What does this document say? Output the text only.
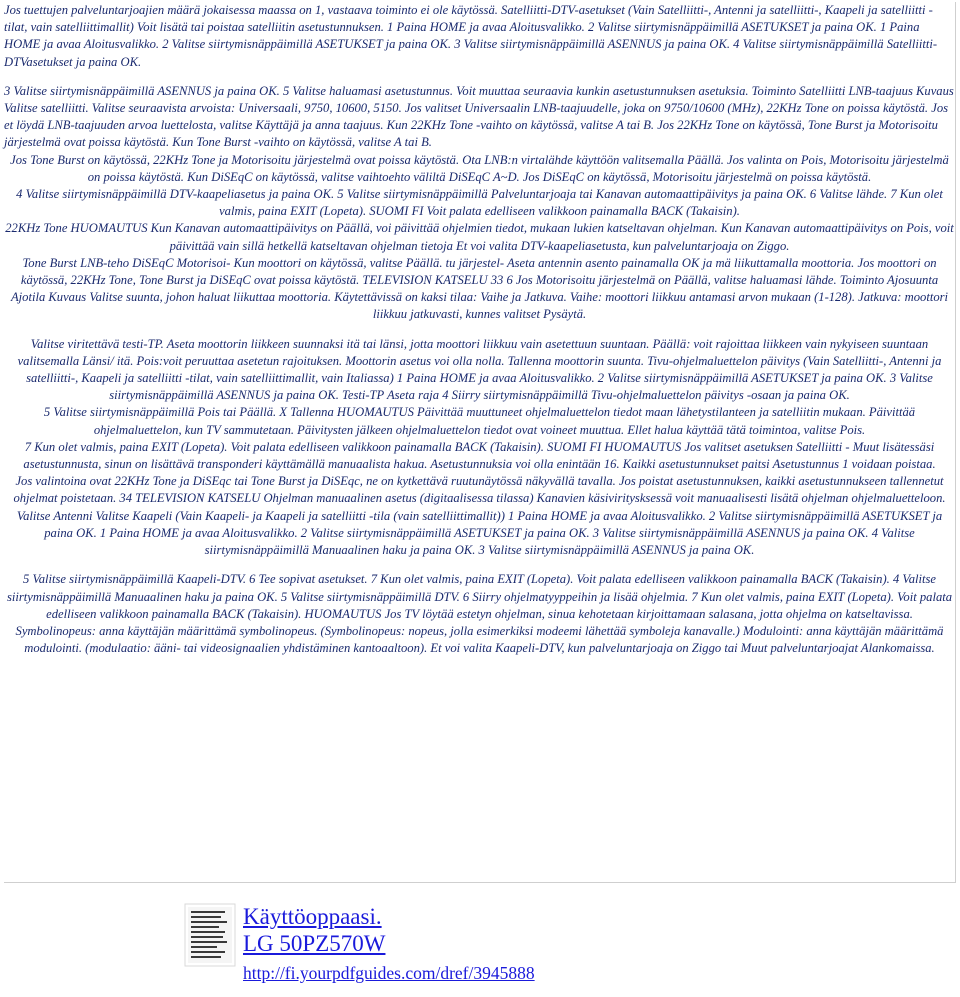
Jos tuettujen palveluntarjoajien määrä jokaisessa maassa on 1, vastaava toiminto ei ole käytössä. Satelliitti-DTV-asetukset (Vain Satelliitti-, Antenni ja satelliitti-, Kaapeli ja satelliitti -tilat, vain satelliittimallit) Voit lisätä tai poistaa satelliitin asetustunnuksen. 1 Paina HOME ja avaa Aloitusvalikko. 2 Valitse siirtymisnäppäimillä ASETUKSET ja paina OK. 1 Paina HOME ja avaa Aloitusvalikko. 2 Valitse siirtymisnäppäimillä ASETUKSET ja paina OK. 3 Valitse siirtymisnäppäimillä ASENNUS ja paina OK. 4 Valitse siirtymisnäppäimillä Satelliitti-DTVasetukset ja paina OK.

3 Valitse siirtymisnäppäimillä ASENNUS ja paina OK. 5 Valitse haluamasi asetustunnus. Voit muuttaa seuraavia kunkin asetustunnuksen asetuksia. Toiminto Satelliitti LNB-taajuus Kuvaus Valitse satelliitti. Valitse seuraavista arvoista: Universaali, 9750, 10600, 5150. Jos valitset Universaalin LNB-taajuudelle, joka on 9750/10600 (MHz), 22KHz Tone on poissa käytöstä. Jos et löydä LNB-taajuuden arvoa luettelosta, valitse Käyttäjä ja anna taajuus. Kun 22KHz Tone -vaihto on käytössä, valitse A tai B. Jos 22KHz Tone on käytössä, Tone Burst ja Motorisoitu järjestelmä ovat poissa käytöstä. Kun Tone Burst -vaihto on käytössä, valitse A tai B.

Jos Tone Burst on käytössä, 22KHz Tone ja Motorisoitu järjestelmä ovat poissa käytöstä. Ota LNB:n virtalähde käyttöön valitsemalla Päällä. Jos valinta on Pois, Motorisoitu järjestelmä on poissa käytöstä. Kun DiSEqC on käytössä, valitse vaihtoehto väliltä DiSEqC A~D. Jos DiSEqC on käytössä, Motorisoitu järjestelmä on poissa käytöstä.

4 Valitse siirtymisnäppäimillä DTV-kaapeliasetus ja paina OK. 5 Valitse siirtymisnäppäimillä Palveluntarjoaja tai Kanavan automaattipäivitys ja paina OK. 6 Valitse lähde. 7 Kun olet valmis, paina EXIT (Lopeta). SUOMI FI Voit palata edelliseen valikkoon painamalla BACK (Takaisin).

22KHz Tone HUOMAUTUS Kun Kanavan automaattipäivitys on Päällä, voi päivittää ohjelmien tiedot, mukaan lukien katseltavan ohjelman. Kun Kanavan automaattipäivitys on Pois, voit päivittää vain sillä hetkellä katseltavan ohjelman tietoja Et voi valita DTV-kaapeliasetusta, kun palveluntarjoaja on Ziggo.

Tone Burst LNB-teho DiSEqC Motorisoi- Kun moottori on käytössä, valitse Päällä. tu järjestel- Aseta antennin asento painamalla OK ja mä liikuttamalla moottoria. Jos moottori on käytössä, 22KHz Tone, Tone Burst ja DiSEqC ovat poissa käytöstä. TELEVISION KATSELU 33 6 Jos Motorisoitu järjestelmä on Päällä, valitse haluamasi lähde. Toiminto Ajosuunta Ajotila Kuvaus Valitse suunta, johon haluat liikuttaa moottoria. Käytettävissä on kaksi tilaa: Vaihe ja Jatkuva. Vaihe: moottori liikkuu antamasi arvon mukaan (1-128). Jatkuva: moottori liikkuu jatkuvasti, kunnes valitset Pysäytä.

Valitse viritettävä testi-TP. Aseta moottorin liikkeen suunnaksi itä tai länsi, jotta moottori liikkuu vain asetettuun suuntaan. Päällä: voit rajoittaa liikkeen vain nykyiseen suuntaan valitsemalla Länsi/ itä. Pois:voit peruuttaa asetetun rajoituksen. Moottorin asetus voi olla nolla. Tallenna moottorin suunta. Tivu-ohjelmaluettelon päivitys (Vain Satelliitti-, Antenni ja satelliitti-, Kaapeli ja satelliitti -tilat, vain satelliittimallit, vain Italiassa) 1 Paina HOME ja avaa Aloitusvalikko. 2 Valitse siirtymisnäppäimillä ASETUKSET ja paina OK. 3 Valitse siirtymisnäppäimillä ASENNUS ja paina OK. Testi-TP Aseta raja 4 Siirry siirtymisnäppäimillä Tivu-ohjelmaluettelon päivitys -osaan ja paina OK.

5 Valitse siirtymisnäppäimillä Pois tai Päällä. X Tallenna HUOMAUTUS Päivittää muuttuneet ohjelmaluettelon tiedot maan lähetystilanteen ja satelliitin mukaan. Päivittää ohjelmaluettelon, kun TV sammutetaan. Päivitysten jälkeen ohjelmaluettelon tiedot ovat voineet muuttua. Ellet halua käyttää tätä toimintoa, valitse Pois.

7 Kun olet valmis, paina EXIT (Lopeta). Voit palata edelliseen valikkoon painamalla BACK (Takaisin). SUOMI FI HUOMAUTUS Jos valitset asetuksen Satelliitti - Muut lisätessäsi asetustunnusta, sinun on lisättävä transponderi käyttämällä manuaalista hakua. Asetustunnuksia voi olla enintään 16. Kaikki asetustunnukset paitsi Asetustunnus 1 voidaan poistaa.

Jos valintoina ovat 22KHz Tone ja DiSEqc tai Tone Burst ja DiSEqc, ne on kytkettävä ruutunäytössä näkyvällä tavalla. Jos poistat asetustunnuksen, kaikki asetustunnukseen tallennetut ohjelmat poistetaan. 34 TELEVISION KATSELU Ohjelman manuaalinen asetus (digitaalisessa tilassa) Kanavien käsiviritysksessä voit manuaalisesti lisätä ohjelman ohjelmaluetteloon. Valitse Antenni Valitse Kaapeli (Vain Kaapeli- ja Kaapeli ja satelliitti -tila (vain satelliittimallit)) 1 Paina HOME ja avaa Aloitusvalikko. 2 Valitse siirtymisnäppäimillä ASETUKSET ja paina OK. 1 Paina HOME ja avaa Aloitusvalikko. 2 Valitse siirtymisnäppäimillä ASETUKSET ja paina OK. 3 Valitse siirtymisnäppäimillä ASENNUS ja paina OK. 4 Valitse siirtymisnäppäimillä Manuaalinen haku ja paina OK. 3 Valitse siirtymisnäppäimillä ASENNUS ja paina OK.

5 Valitse siirtymisnäppäimillä Kaapeli-DTV. 6 Tee sopivat asetukset. 7 Kun olet valmis, paina EXIT (Lopeta). Voit palata edelliseen valikkoon painamalla BACK (Takaisin). 4 Valitse siirtymisnäppäimillä Manuaalinen haku ja paina OK. 5 Valitse siirtymisnäppäimillä DTV. 6 Siirry ohjelmatyyppeihin ja lisää ohjelmia. 7 Kun olet valmis, paina EXIT (Lopeta). Voit palata edelliseen valikkoon painamalla BACK (Takaisin). HUOMAUTUS Jos TV löytää estetyn ohjelman, sinua kehotetaan kirjoittamaan salasana, jotta ohjelma on katseltavissa.

Symbolinopeus: anna käyttäjän määrittämä symbolinopeus. (Symbolinopeus: nopeus, jolla esimerkiksi modeemi lähettää symboleja kanavalle.) Modulointi: anna käyttäjän määrittämä modulointi. (modulaatio: ääni- tai videosignaalien yhdistäminen kantoaaltoon). Et voi valita Kaapeli-DTV, kun palveluntarjoaja on Ziggo tai Muut palveluntarjoajat Alankomaissa.

Käyttöoppaasi.
LG 50PZ570W
http://fi.yourpdfguides.com/dref/3945888
